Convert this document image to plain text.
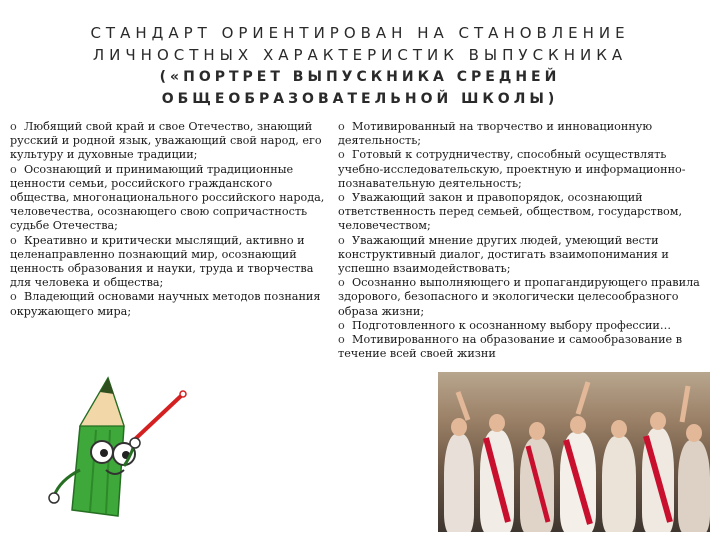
СТАНДАРТ ОРИЕНТИРОВАН НА СТАНОВЛЕНИЕ
ЛИЧНОСТНЫХ ХАРАКТЕРИСТИК ВЫПУСКНИКА
(«ПОРТРЕТ ВЫПУСКНИКА СРЕДНЕЙ
ОБЩЕОБРАЗОВАТЕЛЬНОЙ ШКОЛЫ)

o Любящий свой край и свое Отечество, знающий русский и родной язык, уважающий свой народ, его культуру и духовные традиции;

o Осознающий и принимающий традиционные ценности семьи, российского гражданского общества, многонационального российского народа, человечества, осознающего свою сопричастность судьбе Отечества;

o Креативно и критически мыслящий, активно и целенаправленно познающий мир, осознающий ценность образования и науки, труда и творчества для человека и общества;

o Владеющий основами научных методов познания окружающего мира;

o Мотивированный на творчество и инновационную деятельность;

o Готовый к сотрудничеству, способный осуществлять учебно-исследовательскую, проектную и информационно-познавательную деятельность;

o Уважающий закон и правопорядок, осознающий ответственность перед семьей, обществом, государством, человечеством;

o Уважающий мнение других людей, умеющий вести конструктивный диалог, достигать взаимопонимания и успешно взаимодействовать;

o Осознанно выполняющего и пропагандирующего правила здорового, безопасного и экологически целесообразного образа жизни;

o Подготовленного к осознанному выбору профессии…

o Мотивированного на образование и самообразование в течение всей своей жизни
